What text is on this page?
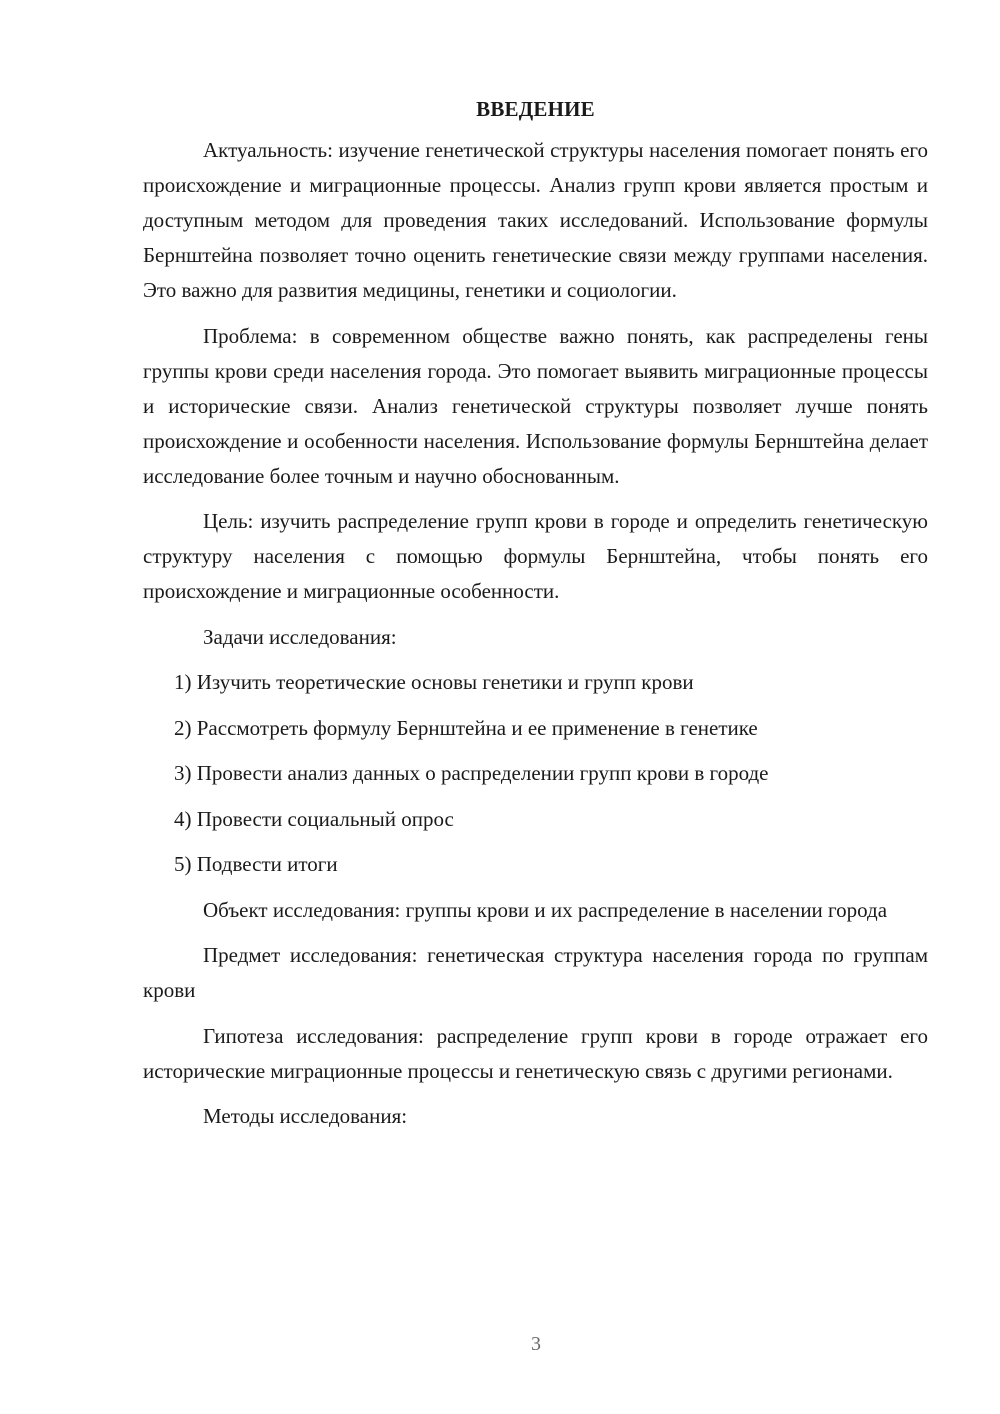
ВВЕДЕНИЕ

Актуальность: изучение генетической структуры населения помогает понять его происхождение и миграционные процессы. Анализ групп крови является простым и доступным методом для проведения таких исследований. Использование формулы Бернштейна позволяет точно оценить генетические связи между группами населения. Это важно для развития медицины, генетики и социологии.

Проблема: в современном обществе важно понять, как распределены гены группы крови среди населения города. Это помогает выявить миграционные процессы и исторические связи. Анализ генетической структуры позволяет лучше понять происхождение и особенности населения. Использование формулы Бернштейна делает исследование более точным и научно обоснованным.

Цель: изучить распределение групп крови в городе и определить генетическую структуру населения с помощью формулы Бернштейна, чтобы понять его происхождение и миграционные особенности.

Задачи исследования:

1) Изучить теоретические основы генетики и групп крови

2) Рассмотреть формулу Бернштейна и ее применение в генетике

3) Провести анализ данных о распределении групп крови в городе

4) Провести социальный опрос

5) Подвести итоги

Объект исследования: группы крови и их распределение в населении города

Предмет исследования: генетическая структура населения города по группам крови

Гипотеза исследования: распределение групп крови в городе отражает его исторические миграционные процессы и генетическую связь с другими регионами.

Методы исследования:

3
